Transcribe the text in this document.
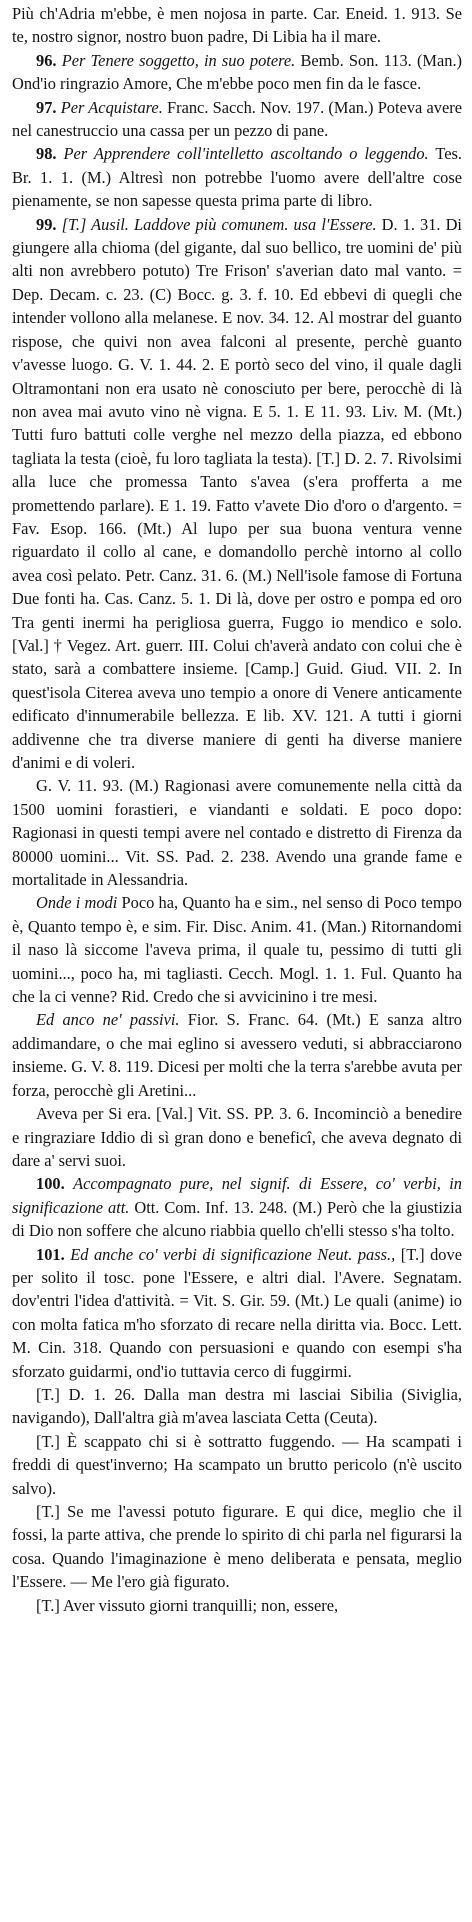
Più ch'Adria m'ebbe, è men nojosa in parte. Car. Eneid. 1. 913. Se te, nostro signor, nostro buon padre, Di Libia ha il mare.

96. Per Tenere soggetto, in suo potere. Bemb. Son. 113. (Man.) Ond'io ringrazio Amore, Che m'ebbe poco men fin da le fasce.

97. Per Acquistare. Franc. Sacch. Nov. 197. (Man.) Poteva avere nel canestruccio una cassa per un pezzo di pane.

98. Per Apprendere coll'intelletto ascoltando o leggendo. Tes. Br. 1. 1. (M.) Altresì non potrebbe l'uomo avere dell'altre cose pienamente, se non sapesse questa prima parte di libro.

99. [T.] Ausil. Laddove più comunem. usa l'Essere. D. 1. 31. Di giungere alla chioma (del gigante, dal suo bellico, tre uomini de' più alti non avrebbero potuto) Tre Frison' s'averian dato mal vanto. = Dep. Decam. c. 23. (C) Bocc. g. 3. f. 10. Ed ebbevi di quegli che intender vollono alla melanese. E nov. 34. 12. Al mostrar del guanto rispose, che quivi non avea falconi al presente, perchè guanto v'avesse luogo. G. V. 1. 44. 2. E portò seco del vino, il quale dagli Oltramontani non era usato nè conosciuto per bere, perocchè di là non avea mai avuto vino nè vigna. E 5. 1. E 11. 93. Liv. M. (Mt.) Tutti furo battuti colle verghe nel mezzo della piazza, ed ebbono tagliata la testa (cioè, fu loro tagliata la testa). [T.] D. 2. 7. Rivolsimi alla luce che promessa Tanto s'avea (s'era profferta a me promettendo parlare). E 1. 19. Fatto v'avete Dio d'oro o d'argento. = Fav. Esop. 166. (Mt.) Al lupo per sua buona ventura venne riguardato il collo al cane, e domandollo perchè intorno al collo avea così pelato. Petr. Canz. 31. 6. (M.) Nell'isole famose di Fortuna Due fonti ha. Cas. Canz. 5. 1. Di là, dove per ostro e pompa ed oro Tra genti inermi ha perigliosa guerra, Fuggo io mendico e solo. [Val.] † Vegez. Art. guerr. III. Colui ch'averà andato con colui che è stato, sarà a combattere insieme. [Camp.] Guid. Giud. VII. 2. In quest'isola Citerea aveva uno tempio a onore di Venere anticamente edificato d'innumerabile bellezza. E lib. XV. 121. A tutti i giorni addivenne che tra diverse maniere di genti ha diverse maniere d'animi e di voleri.

G. V. 11. 93. (M.) Ragionasi avere comunemente nella città da 1500 uomini forastieri, e viandanti e soldati. E poco dopo: Ragionasi in questi tempi avere nel contado e distretto di Firenza da 80000 uomini... Vit. SS. Pad. 2. 238. Avendo una grande fame e mortalitade in Alessandria.

Onde i modi Poco ha, Quanto ha e sim., nel senso di Poco tempo è, Quanto tempo è, e sim. Fir. Disc. Anim. 41. (Man.) Ritornandomi il naso là siccome l'aveva prima, il quale tu, pessimo di tutti gli uomini..., poco ha, mi tagliasti. Cecch. Mogl. 1. 1. Ful. Quanto ha che la ci venne? Rid. Credo che si avvicinino i tre mesi.

Ed anco ne' passivi. Fior. S. Franc. 64. (Mt.) E sanza altro addimandare, o che mai eglino si avessero veduti, si abbracciarono insieme. G. V. 8. 119. Dicesi per molti che la terra s'arebbe avuta per forza, perocchè gli Aretini...

Aveva per Si era. [Val.] Vit. SS. PP. 3. 6. Incominciò a benedire e ringraziare Iddio di sì gran dono e beneficî, che aveva degnato di dare a' servi suoi.

100. Accompagnato pure, nel signif. di Essere, co' verbi, in significazione att. Ott. Com. Inf. 13. 248. (M.) Però che la giustizia di Dio non soffere che alcuno riabbia quello ch'elli stesso s'ha tolto.

101. Ed anche co' verbi di significazione Neut. pass., [T.] dove per solito il tosc. pone l'Essere, e altri dial. l'Avere. Segnatam. dov'entri l'idea d'attività. = Vit. S. Gir. 59. (Mt.) Le quali (anime) io con molta fatica m'ho sforzato di recare nella diritta via. Bocc. Lett. M. Cin. 318. Quando con persuasioni e quando con esempi s'ha sforzato guidarmi, ond'io tuttavia cerco di fuggirmi.

[T.] D. 1. 26. Dalla man destra mi lasciai Sibilia (Siviglia, navigando), Dall'altra già m'avea lasciata Cetta (Ceuta).

[T.] È scappato chi si è sottratto fuggendo. — Ha scampati i freddi di quest'inverno; Ha scampato un brutto pericolo (n'è uscito salvo).

[T.] Se me l'avessi potuto figurare. E qui dice, meglio che il fossi, la parte attiva, che prende lo spirito di chi parla nel figurarsi la cosa. Quando l'imaginazione è meno deliberata e pensata, meglio l'Essere. — Me l'ero già figurato.

[T.] Aver vissuto giorni tranquilli; non, essere,
